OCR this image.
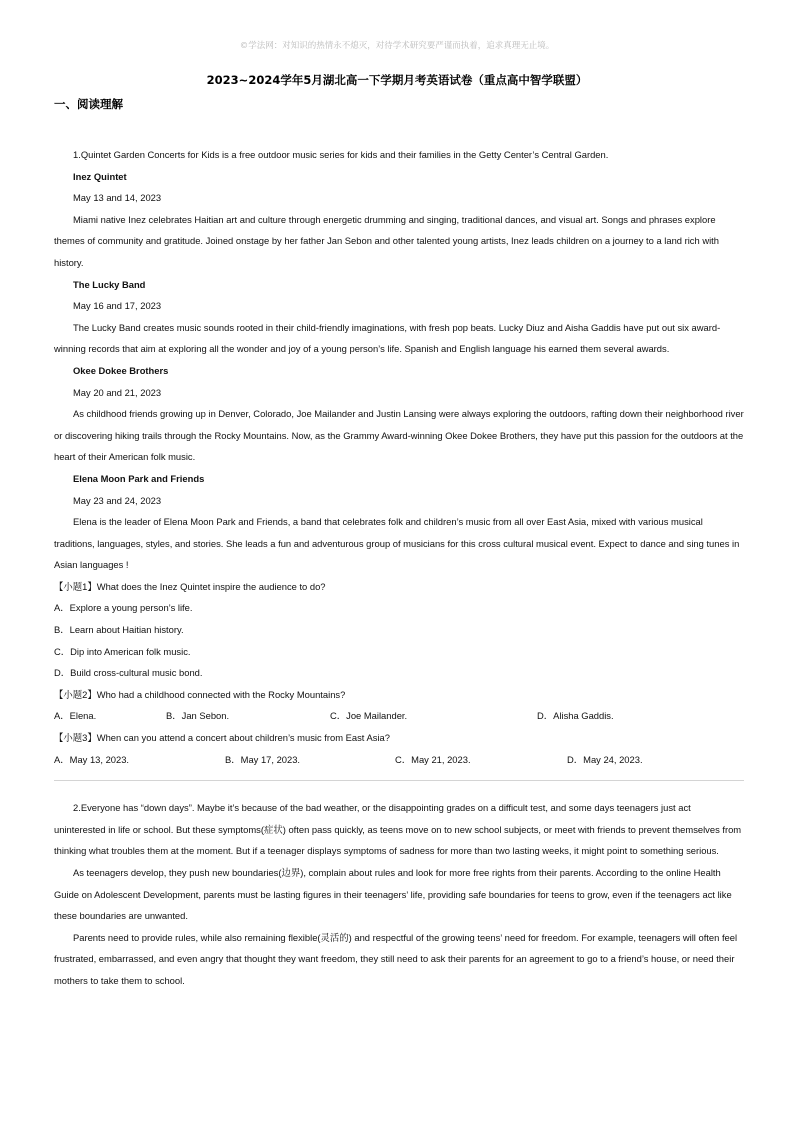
©学法网：对知识的热情永不熄灭，对待学术研究要严谨而执着，追求真理无止境。
2023~2024学年5月湖北高一下学期月考英语试卷（重点高中智学联盟）
一、阅读理解

1.Quintet Garden Concerts for Kids is a free outdoor music series for kids and their families in the Getty Center’s Central Garden.

Inez Quintet

May 13 and 14, 2023

Miami native Inez celebrates Haitian art and culture through energetic drumming and singing, traditional dances, and visual art. Songs and phrases explore themes of community and gratitude. Joined onstage by her father Jan Sebon and other talented young artists, Inez leads children on a journey to a land rich with history.

The Lucky Band

May 16 and 17, 2023

The Lucky Band creates music sounds rooted in their child-friendly imaginations, with fresh pop beats. Lucky Diuz and Aisha Gaddis have put out six award-winning records that aim at exploring all the wonder and joy of a young person’s life. Spanish and English language his earned them several awards.

Okee Dokee Brothers

May 20 and 21, 2023

As childhood friends growing up in Denver, Colorado, Joe Mailander and Justin Lansing were always exploring the outdoors, rafting down their neighborhood river or discovering hiking trails through the Rocky Mountains. Now, as the Grammy Award-winning Okee Dokee Brothers, they have put this passion for the outdoors at the heart of their American folk music.

Elena Moon Park and Friends

May 23 and 24, 2023

Elena is the leader of Elena Moon Park and Friends, a band that celebrates folk and children’s music from all over East Asia, mixed with various musical traditions, languages, styles, and stories. She leads a fun and adventurous group of musicians for this cross cultural musical event. Expect to dance and sing tunes in Asian languages !

【小题1】What does the Inez Quintet inspire the audience to do?

A．Explore a young person’s life.

B．Learn about Haitian history.

C．Dip into American folk music.

D．Build cross-cultural music bond.

【小题2】Who had a childhood connected with the Rocky Mountains?

A．Elena.	B．Jan Sebon.	C．Joe Mailander.	D．Alisha Gaddis.

【小题3】When can you attend a concert about children’s music from East Asia?

A．May 13, 2023.	B．May 17, 2023.	C．May 21, 2023.	D．May 24, 2023.

2.Everyone has “down days”. Maybe it’s because of the bad weather, or the disappointing grades on a difficult test, and some days teenagers just act uninterested in life or school. But these symptoms(症状) often pass quickly, as teens move on to new school subjects, or meet with friends to prevent themselves from thinking what troubles them at the moment. But if a teenager displays symptoms of sadness for more than two lasting weeks, it might point to something serious.

As teenagers develop, they push new boundaries(边界), complain about rules and look for more free rights from their parents. According to the online Health Guide on Adolescent Development, parents must be lasting figures in their teenagers’ life, providing safe boundaries for teens to grow, even if the teenagers act like these boundaries are unwanted.

Parents need to provide rules, while also remaining flexible(灵活的) and respectful of the growing teens’ need for freedom. For example, teenagers will often feel frustrated, embarrassed, and even angry that thought they want freedom, they still need to ask their parents for an agreement to go to a friend’s house, or need their mothers to take them to school.
